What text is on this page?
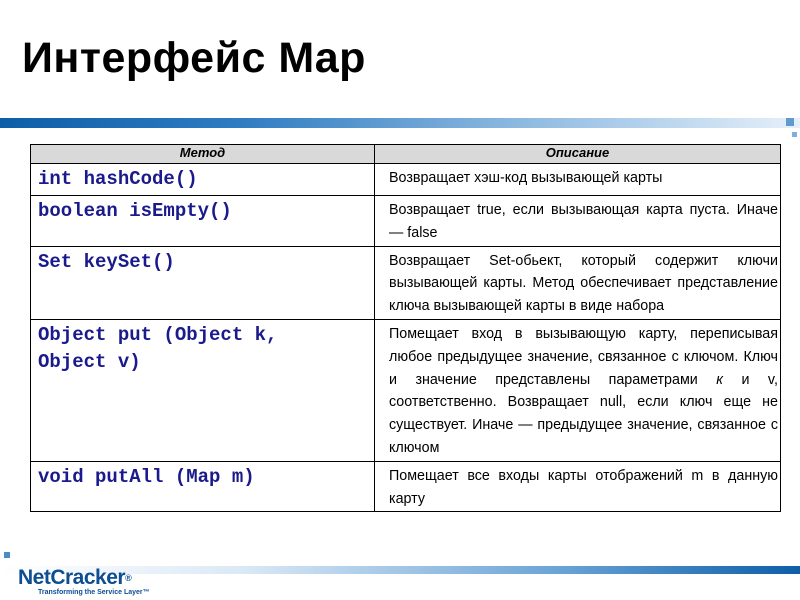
Интерфейс Map
Метод	Описание
int hashCode()	Возвращает хэш-код вызывающей карты
boolean isEmpty()	Возвращает true, если вызывающая карта пуста. Иначе — false
Set keySet()	Возвращает Set-обьект, который содержит ключи вызывающей карты. Метод обеспечивает представление ключа вызывающей карты в виде набора
Object put (Object k,
Object v)	Помещает вход в вызывающую карту, переписывая любое предыдущее значение, связанное с ключом. Ключ и значение представлены параметрами к и v, соответственно. Возвращает null, если ключ еще не существует. Иначе — предыдущее значение, связанное с ключом
void putAll (Map m)	Помещает все входы карты отображений m в данную карту
NetCracker®
Transforming the Service Layer™
